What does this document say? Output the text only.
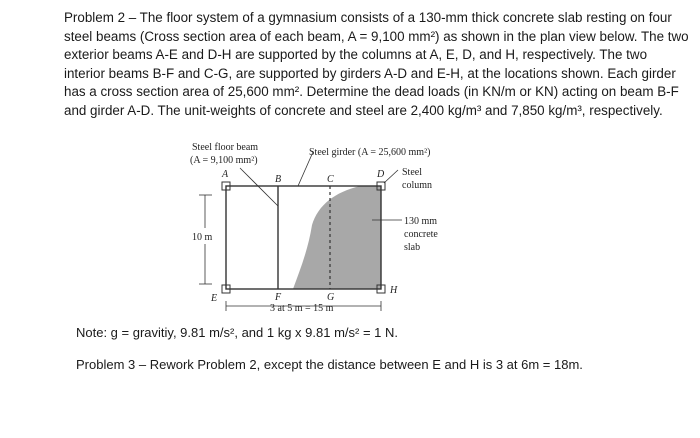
Problem 2 – The floor system of a gymnasium consists of a 130-mm thick concrete slab resting on four
steel beams (Cross section area of each beam, A = 9,100 mm²) as shown in the plan view below. The two
exterior beams A-E and D-H are supported by the columns at A, E, D, and H, respectively. The two
interior beams B-F and C-G, are supported by girders A-D and E-H, at the locations shown. Each girder
has a cross section area of 25,600 mm². Determine the dead loads (in KN/m or KN) acting on beam B-F
and girder A-D. The unit-weights of concrete and steel are 2,400 kg/m³ and 7,850 kg/m³, respectively.
Steel floor beam
(A = 9,100 mm²)
Steel girder (A = 25,600 mm²)
Steel
column
130 mm
concrete
slab
10 m
3 at 5 m = 15 m
A	B	C	D
E	F	G
H
Note: g = gravitiy, 9.81 m/s², and 1 kg x 9.81 m/s² = 1 N.
Problem 3 – Rework Problem 2, except the distance between E and H is 3 at 6m = 18m.
